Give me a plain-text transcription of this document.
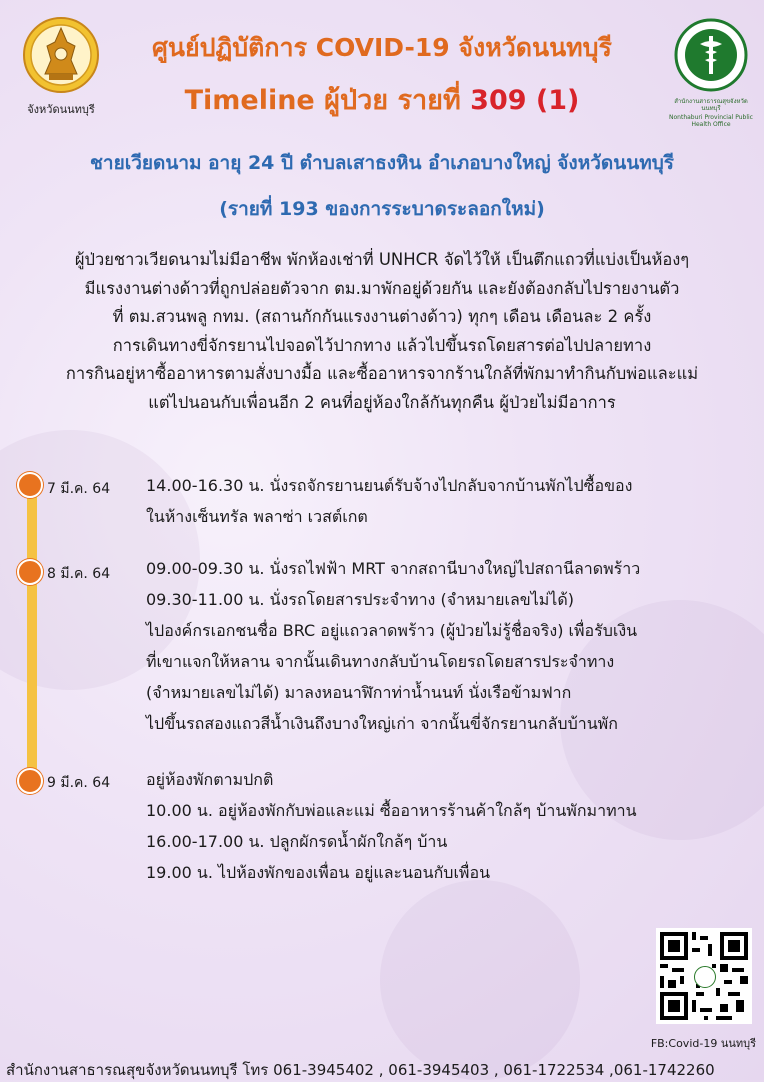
จังหวัดนนทบุรี
ศูนย์ปฏิบัติการ COVID-19 จังหวัดนนทบุรี
Timeline ผู้ป่วย รายที่ 309 (1)	สำนักงานสาธารณสุขจังหวัดนนทบุรี
Nonthaburi Provincial Public Health Office
ชายเวียดนาม อายุ 24 ปี ตำบลเสาธงหิน อำเภอบางใหญ่ จังหวัดนนทบุรี
(รายที่ 193 ของการระบาดระลอกใหม่)
ผู้ป่วยชาวเวียดนามไม่มีอาชีพ พักห้องเช่าที่ UNHCR จัดไว้ให้ เป็นตึกแถวที่แบ่งเป็นห้องๆ
มีแรงงานต่างด้าวที่ถูกปล่อยตัวจาก ตม.มาพักอยู่ด้วยกัน และยังต้องกลับไปรายงานตัว
ที่ ตม.สวนพลู กทม. (สถานกักกันแรงงานต่างด้าว) ทุกๆ เดือน เดือนละ 2 ครั้ง
การเดินทางขี่จักรยานไปจอดไว้ปากทาง แล้วไปขึ้นรถโดยสารต่อไปปลายทาง
การกินอยู่หาซื้ออาหารตามสั่งบางมื้อ และซื้ออาหารจากร้านใกล้ที่พักมาทำกินกับพ่อและแม่
แต่ไปนอนกับเพื่อนอีก 2 คนที่อยู่ห้องใกล้กันทุกคืน ผู้ป่วยไม่มีอาการ
7 มี.ค. 64 14.00-16.30 น. นั่งรถจักรยานยนต์รับจ้างไปกลับจากบ้านพักไปซื้อของ
ในห้างเซ็นทรัล พลาซ่า เวสต์เกต
8 มี.ค. 64 09.00-09.30 น. นั่งรถไฟฟ้า MRT จากสถานีบางใหญ่ไปสถานีลาดพร้าว
09.30-11.00 น. นั่งรถโดยสารประจำทาง (จำหมายเลขไม่ได้)
ไปองค์กรเอกชนชื่อ BRC อยู่แถวลาดพร้าว (ผู้ป่วยไม่รู้ชื่อจริง) เพื่อรับเงิน
ที่เขาแจกให้หลาน จากนั้นเดินทางกลับบ้านโดยรถโดยสารประจำทาง
(จำหมายเลขไม่ได้) มาลงหอนาฬิกาท่าน้ำนนท์ นั่งเรือข้ามฟาก
ไปขึ้นรถสองแถวสีน้ำเงินถึงบางใหญ่เก่า จากนั้นขี่จักรยานกลับบ้านพัก
9 มี.ค. 64 อยู่ห้องพักตามปกติ
10.00 น. อยู่ห้องพักกับพ่อและแม่ ซื้ออาหารร้านค้าใกล้ๆ บ้านพักมาทาน
16.00-17.00 น. ปลูกผักรดน้ำผักใกล้ๆ บ้าน
19.00 น. ไปห้องพักของเพื่อน อยู่และนอนกับเพื่อน
FB:Covid-19 นนทบุรี
สำนักงานสาธารณสุขจังหวัดนนทบุรี โทร 061-3945402 , 061-3945403 , 061-1722534 ,061-1742260
